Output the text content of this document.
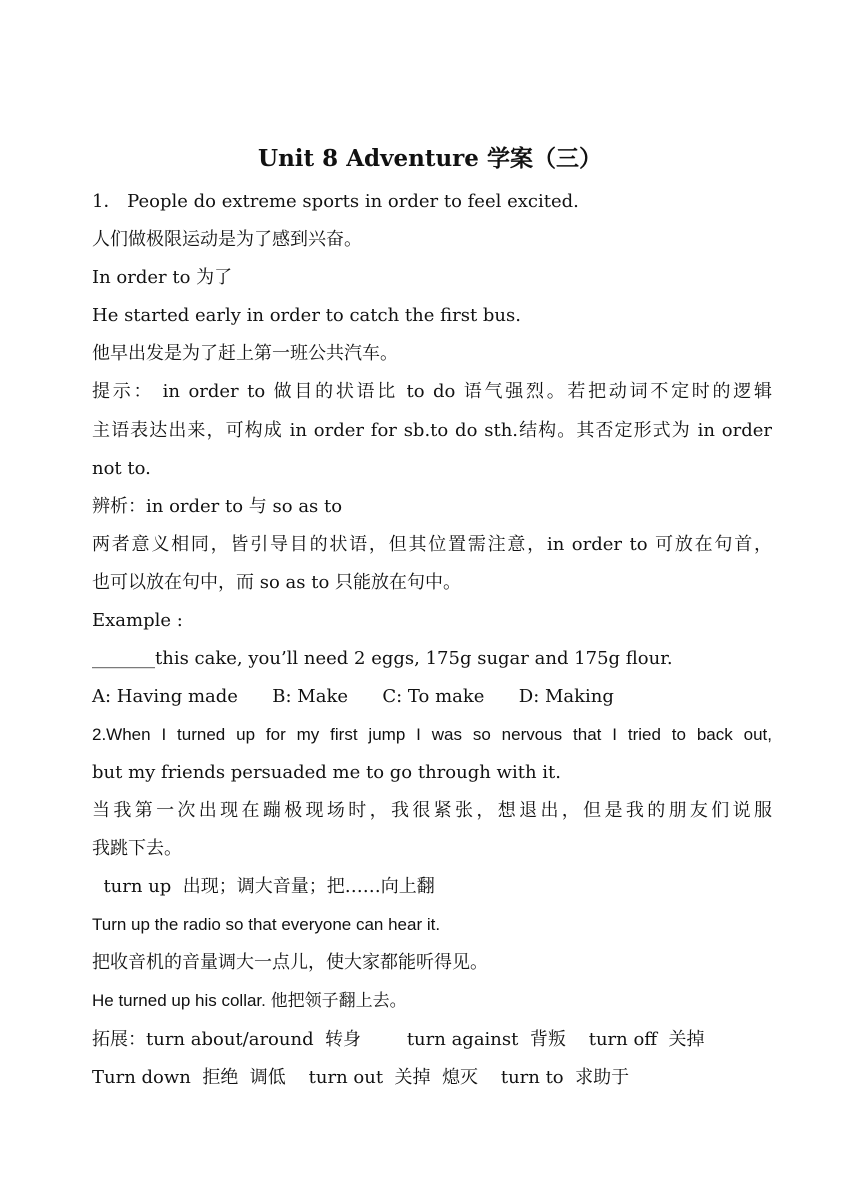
Unit 8 Adventure 学案（三）
1． People do extreme sports in order to feel excited.
人们做极限运动是为了感到兴奋。
In order to 为了
He started early in order to catch the first bus.
他早出发是为了赶上第一班公共汽车。
提示： in order to 做目的状语比 to do 语气强烈。若把动词不定时的逻辑
主语表达出来，可构成 in order for sb.to do sth.结构。其否定形式为 in order
not to.
辨析：in order to 与 so as to
两者意义相同，皆引导目的状语，但其位置需注意，in order to 可放在句首，
也可以放在句中，而 so as to 只能放在句中。
Example :
_______this cake, you’ll need 2 eggs, 175g sugar and 175g flour.
A: Having made      B: Make      C: To make      D: Making
2.When I turned up for my first jump I was so nervous that I tried to back out,
but my friends persuaded me to go through with it.
当我第一次出现在蹦极现场时，我很紧张，想退出，但是我的朋友们说服
我跳下去。
turn up  出现；调大音量；把……向上翻
Turn up the radio so that everyone can hear it.
把收音机的音量调大一点儿，使大家都能听得见。
He turned up his collar. 他把领子翻上去。
拓展：turn about/around  转身        turn against  背叛    turn off  关掉
Turn down  拒绝  调低    turn out  关掉  熄灭    turn to  求助于
